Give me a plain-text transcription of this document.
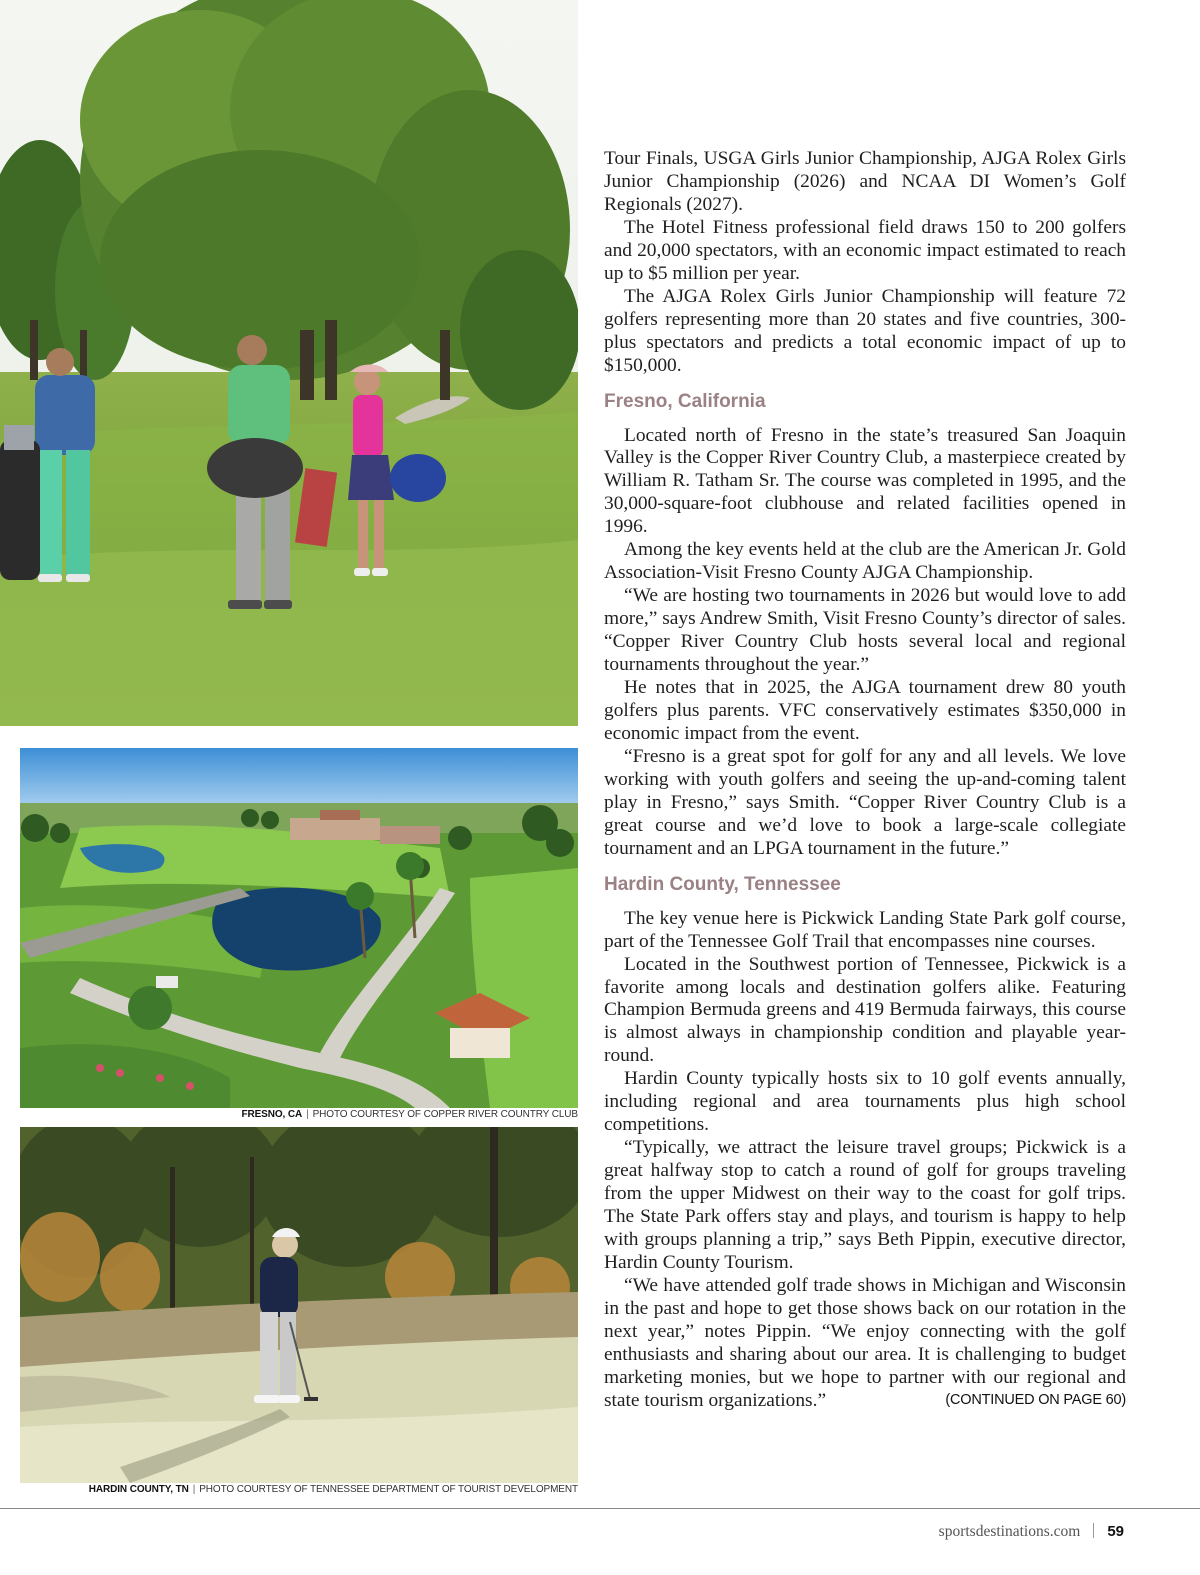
FRESNO, CA | PHOTO COURTESY OF COPPER RIVER COUNTRY CLUB
HARDIN COUNTY, TN | PHOTO COURTESY OF TENNESSEE DEPARTMENT OF TOURIST DEVELOPMENT

Tour Finals, USGA Girls Junior Championship, AJGA Rolex Girls Junior Championship (2026) and NCAA DI Women’s Golf Regionals (2027).

The Hotel Fitness professional field draws 150 to 200 golfers and 20,000 spectators, with an economic impact estimated to reach up to $5 million per year.

The AJGA Rolex Girls Junior Championship will feature 72 golfers representing more than 20 states and five countries, 300-plus spectators and predicts a total economic impact of up to $150,000.

Fresno, California

Located north of Fresno in the state’s treasured San Joaquin Valley is the Copper River Country Club, a masterpiece created by William R. Tatham Sr. The course was completed in 1995, and the 30,000-square-foot clubhouse and related facilities opened in 1996.

Among the key events held at the club are the American Jr. Gold Association-Visit Fresno County AJGA Championship.

“We are hosting two tournaments in 2026 but would love to add more,” says Andrew Smith, Visit Fresno County’s director of sales. “Copper River Country Club hosts several local and regional tournaments throughout the year.”

He notes that in 2025, the AJGA tournament drew 80 youth golfers plus parents. VFC conservatively estimates $350,000 in economic impact from the event.

“Fresno is a great spot for golf for any and all levels. We love working with youth golfers and seeing the up-and-coming talent play in Fresno,” says Smith. “Copper River Country Club is a great course and we’d love to book a large-scale collegiate tournament and an LPGA tournament in the future.”

Hardin County, Tennessee

The key venue here is Pickwick Landing State Park golf course, part of the Tennessee Golf Trail that encompasses nine courses.

Located in the Southwest portion of Tennessee, Pickwick is a favorite among locals and destination golfers alike. Featuring Champion Bermuda greens and 419 Bermuda fairways, this course is almost always in championship condition and playable year-round.

Hardin County typically hosts six to 10 golf events annually, including regional and area tournaments plus high school competitions.

“Typically, we attract the leisure travel groups; Pickwick is a great halfway stop to catch a round of golf for groups traveling from the upper Midwest on their way to the coast for golf trips. The State Park offers stay and plays, and tourism is happy to help with groups planning a trip,” says Beth Pippin, executive director, Hardin County Tourism.

“We have attended golf trade shows in Michigan and Wisconsin in the past and hope to get those shows back on our rotation in the next year,” notes Pippin. “We enjoy connecting with the golf enthusiasts and sharing about our area. It is challenging to budget marketing monies, but we hope to partner with our regional and state tourism organizations.”	(CONTINUED ON PAGE 60)
sportsdestinations.com 59
